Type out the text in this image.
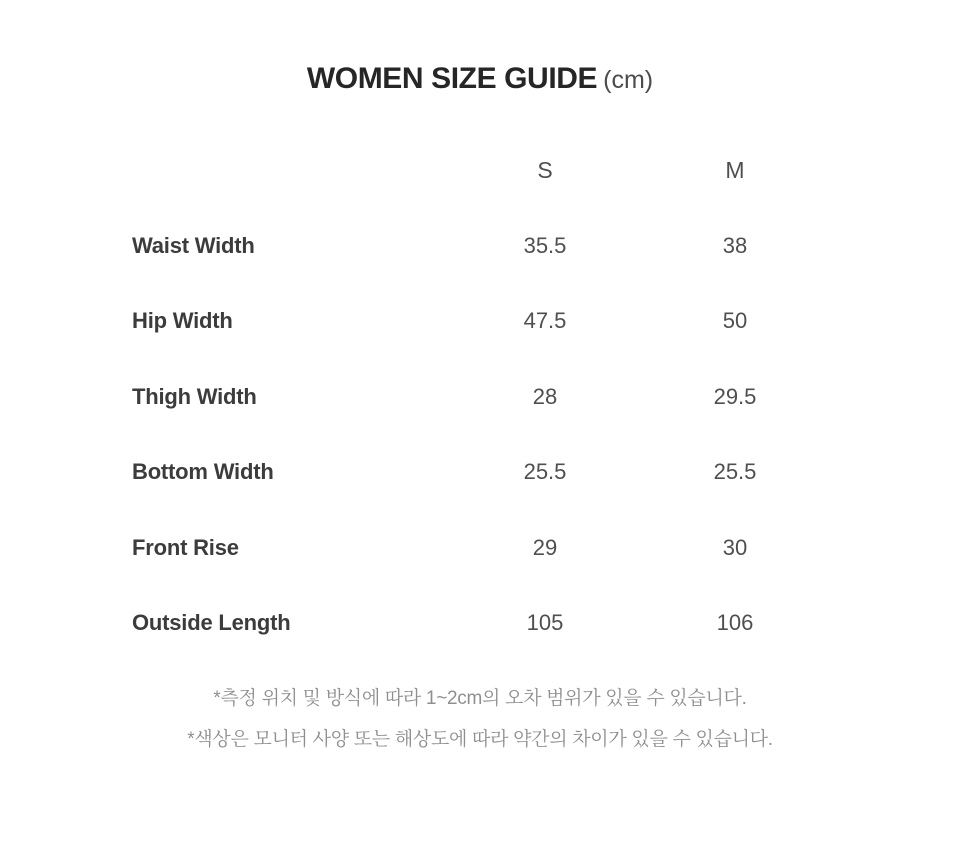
WOMEN SIZE GUIDE (cm)
	S	M
Waist Width	35.5	38
Hip Width	47.5	50
Thigh Width	28	29.5
Bottom Width	25.5	25.5
Front Rise	29	30
Outside Length	105	106

*측정 위치 및 방식에 따라 1~2cm의 오차 범위가 있을 수 있습니다.

*색상은 모니터 사양 또는 해상도에 따라 약간의 차이가 있을 수 있습니다.
